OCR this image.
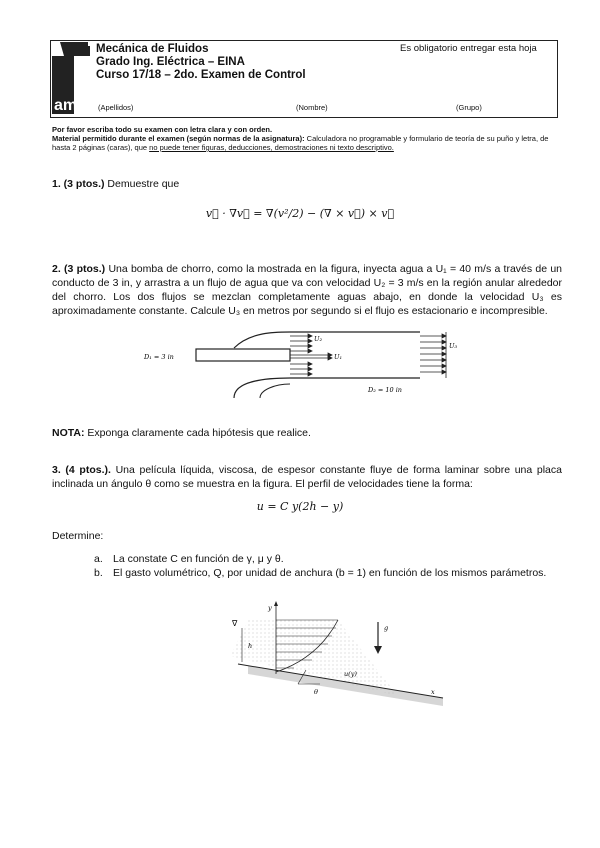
amf
Mecánica de Fluidos
Grado Ing. Eléctrica – EINA
Curso 17/18 – 2do. Examen de Control
Es obligatorio entregar esta hoja
(Apellidos)	(Nombre)	(Grupo)
Por favor escriba todo su examen con letra clara y con orden.
Material permitido durante el examen (según normas de la asignatura): Calculadora no programable y formulario de teoría de su puño y letra, de hasta 2 páginas (caras), que no puede tener figuras, deducciones, demostraciones ni texto descriptivo.
1. (3 ptos.) Demuestre que
v⃗ · ∇v⃗ = ∇(v²/2) − (∇ × v⃗) × v⃗
2. (3 ptos.) Una bomba de chorro, como la mostrada en la figura, inyecta agua a U₁ = 40 m/s a través de un conducto de 3 in, y arrastra a un flujo de agua que va con velocidad U₂ = 3 m/s en la región anular alrededor del chorro. Los dos flujos se mezclan completamente aguas abajo, en donde la velocidad U₃ es aproximadamente constante. Calcule U₃ en metros por segundo si el flujo es estacionario e incompresible.
D₁ = 3 in
D₂ = 10 in
U₂
U₁
U₃
NOTA: Exponga claramente cada hipótesis que realice.
3. (4 ptos.). Una película líquida, viscosa, de espesor constante fluye de forma laminar sobre una placa inclinada un ángulo θ como se muestra en la figura. El perfil de velocidades tiene la forma:
u = C y(2h − y)
Determine:
a. La constate C en función de γ, μ y θ.
b. El gasto volumétrico, Q, por unidad de anchura (b = 1) en función de los mismos parámetros.
∇
y
x
g
h
u(y)
θ
